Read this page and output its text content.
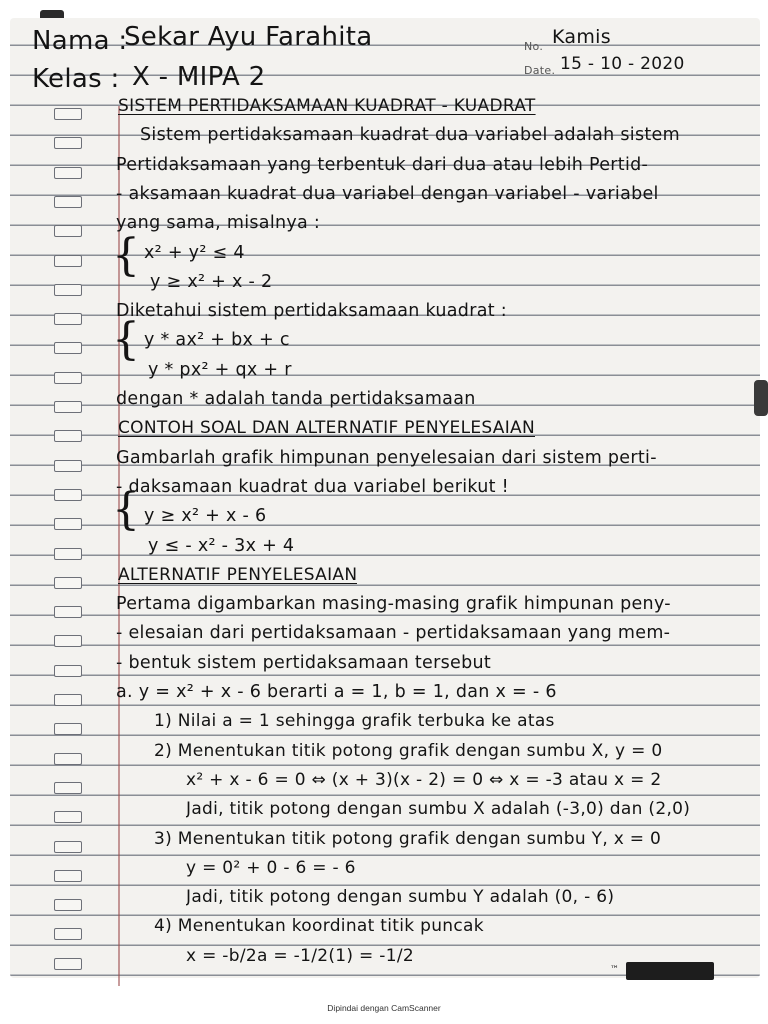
Nama :
Sekar Ayu Farahita
Kelas : X - MIPA 2
No. Kamis
Date. 15 - 10 - 2020
{
{
{
SISTEM PERTIDAKSAMAAN KUADRAT - KUADRAT
Sistem pertidaksamaan kuadrat dua variabel adalah sistem
Pertidaksamaan yang terbentuk dari dua atau lebih Pertid-
- aksamaan kuadrat dua variabel dengan variabel - variabel
yang sama, misalnya :
x² + y² ≤ 4
y ≥ x² + x - 2
Diketahui sistem pertidaksamaan kuadrat :
y * ax² + bx + c
y * px² + qx + r
dengan * adalah tanda pertidaksamaan
CONTOH SOAL DAN ALTERNATIF PENYELESAIAN
Gambarlah grafik himpunan penyelesaian dari sistem perti-
- daksamaan kuadrat dua variabel berikut !
y ≥ x² + x - 6
y ≤ - x² - 3x + 4
ALTERNATIF PENYELESAIAN
Pertama digambarkan masing-masing grafik himpunan peny-
- elesaian dari pertidaksamaan - pertidaksamaan yang mem-
- bentuk sistem pertidaksamaan tersebut
a. y = x² + x - 6 berarti a = 1, b = 1, dan x = - 6
1) Nilai a = 1 sehingga grafik terbuka ke atas
2) Menentukan titik potong grafik dengan sumbu X, y = 0
x² + x - 6 = 0 ⇔ (x + 3)(x - 2) = 0 ⇔ x = -3 atau x = 2
Jadi, titik potong dengan sumbu X adalah (-3,0) dan (2,0)
3) Menentukan titik potong grafik dengan sumbu Y, x = 0
y = 0² + 0 - 6 = - 6
Jadi, titik potong dengan sumbu Y adalah (0, - 6)
4) Menentukan koordinat titik puncak
x = -b/2a = -1/2(1) = -1/2
™
Dipindai dengan CamScanner
